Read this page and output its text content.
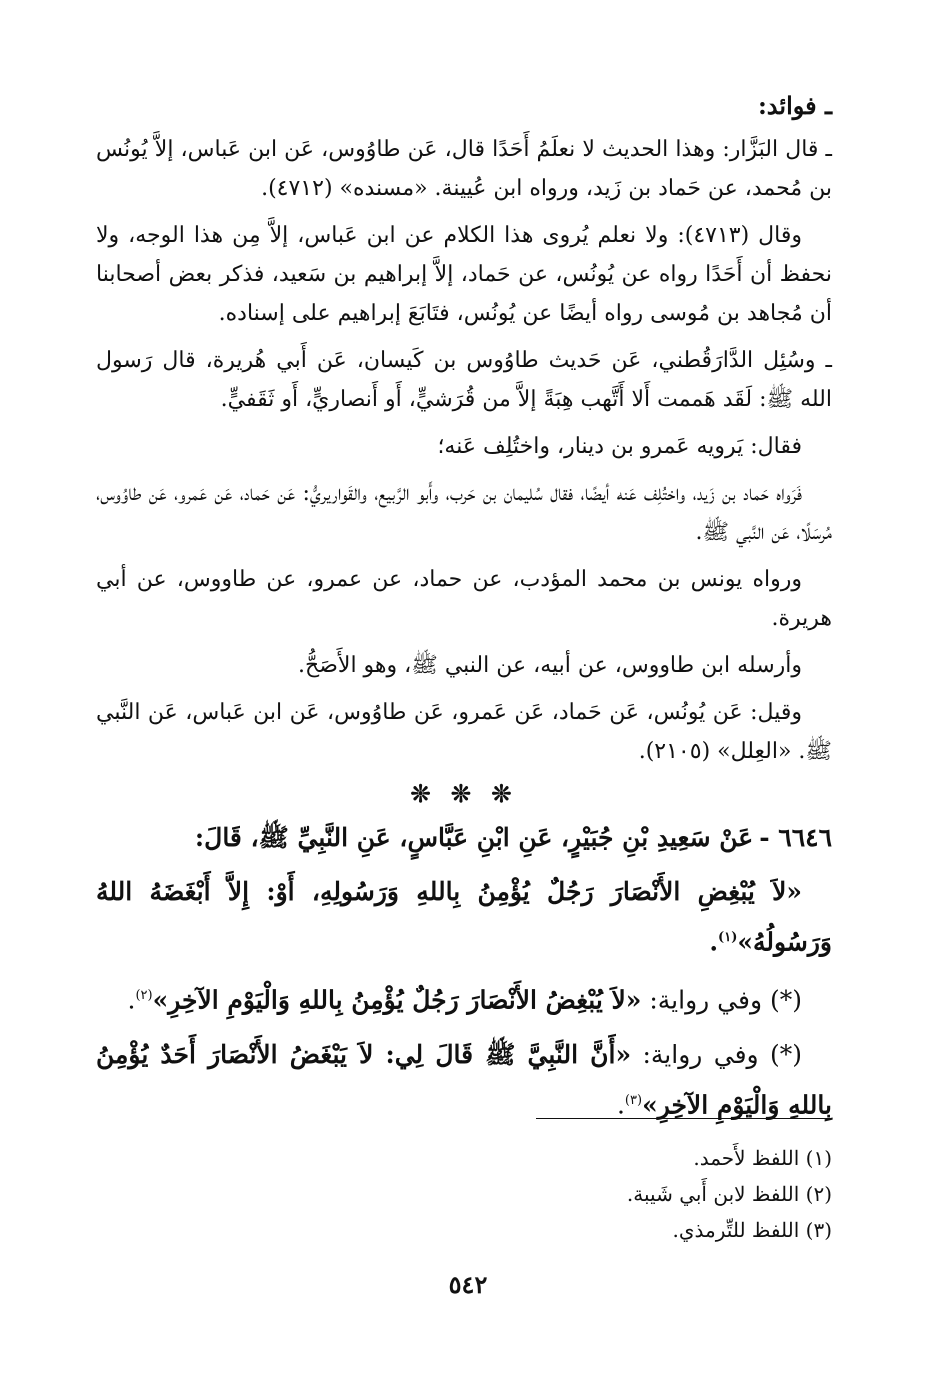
ـ فوائد:

ـ قال البَزَّار: وهذا الحديث لا نعلَمُ أَحَدًا قال، عَن طاوُوس، عَن ابن عَباس، إلاَّ يُونُس بن مُحمد، عن حَماد بن زَيد، ورواه ابن عُيينة. «مسنده» (٤٧١٢).

وقال (٤٧١٣): ولا نعلم يُروى هذا الكلام عن ابن عَباس، إلاَّ مِن هذا الوجه، ولا نحفظ أن أَحَدًا رواه عن يُونُس، عن حَماد، إلاَّ إبراهيم بن سَعيد، فذكر بعض أصحابنا أن مُجاهد بن مُوسى رواه أيضًا عن يُونُس، فتَابَعَ إبراهيم على إسناده.

ـ وسُئِل الدَّارَقُطني، عَن حَديث طاوُوس بن كَيسان، عَن أَبي هُريرة، قال رَسول الله ﷺ: لَقَد هَممت أَلا أَتَّهب هِبَةً إلاَّ من قُرَشيٍّ، أَو أَنصاريٍّ، أَو ثَقَفيٍّ.

فقال: يَرويه عَمرو بن دينار، واختُلِف عَنه؛

فَرَواه حَماد بن زَيد، واختُلِف عَنه أيضًا، فقال سُليمان بن حَرب، وأَبو الرَّبيع، والقَواريريُّ: عَن حَماد، عَن عَمرو، عَن طاوُوس، مُرسَلًا، عَن النَّبي ﷺ.

ورواه يونس بن محمد المؤدب، عن حماد، عن عمرو، عن طاووس، عن أبي هريرة.

وأرسله ابن طاووس، عن أبيه، عن النبي ﷺ، وهو الأَصَحُّ.

وقيل: عَن يُونُس، عَن حَماد، عَن عَمرو، عَن طاوُوس، عَن ابن عَباس، عَن النَّبي ﷺ. «العِلل» (٢١٠٥).

❊ ❊ ❊

٦٦٤٦ -عَنْ سَعِيدِ بْنِ جُبَيْرٍ، عَنِ ابْنِ عَبَّاسٍ، عَنِ النَّبِيِّ ﷺ، قَالَ:

«لاَ يُبْغِضِ الأَنْصَارَ رَجُلٌ يُؤْمِنُ بِاللهِ وَرَسُولِهِ، أَوْ: إِلاَّ أَبْغَضَهُ اللهُ وَرَسُولُهُ»$^{(١)}$.

(*) وفي رواية: «لاَ يُبْغِضُ الأَنْصَارَ رَجُلٌ يُؤْمِنُ بِاللهِ وَالْيَوْمِ الآخِرِ»$^{(٢)}$.

(*) وفي رواية: «أَنَّ النَّبِيَّ ﷺ قَالَ لِي: لاَ يَبْغَضُ الأَنْصَارَ أَحَدٌ يُؤْمِنُ بِاللهِ وَالْيَوْمِ الآخِرِ»$^{(٣)}$.

(١) اللفظ لأَحمد.

(٢) اللفظ لابن أَبي شَيبة.

(٣) اللفظ للتِّرمذي.

٥٤٢
